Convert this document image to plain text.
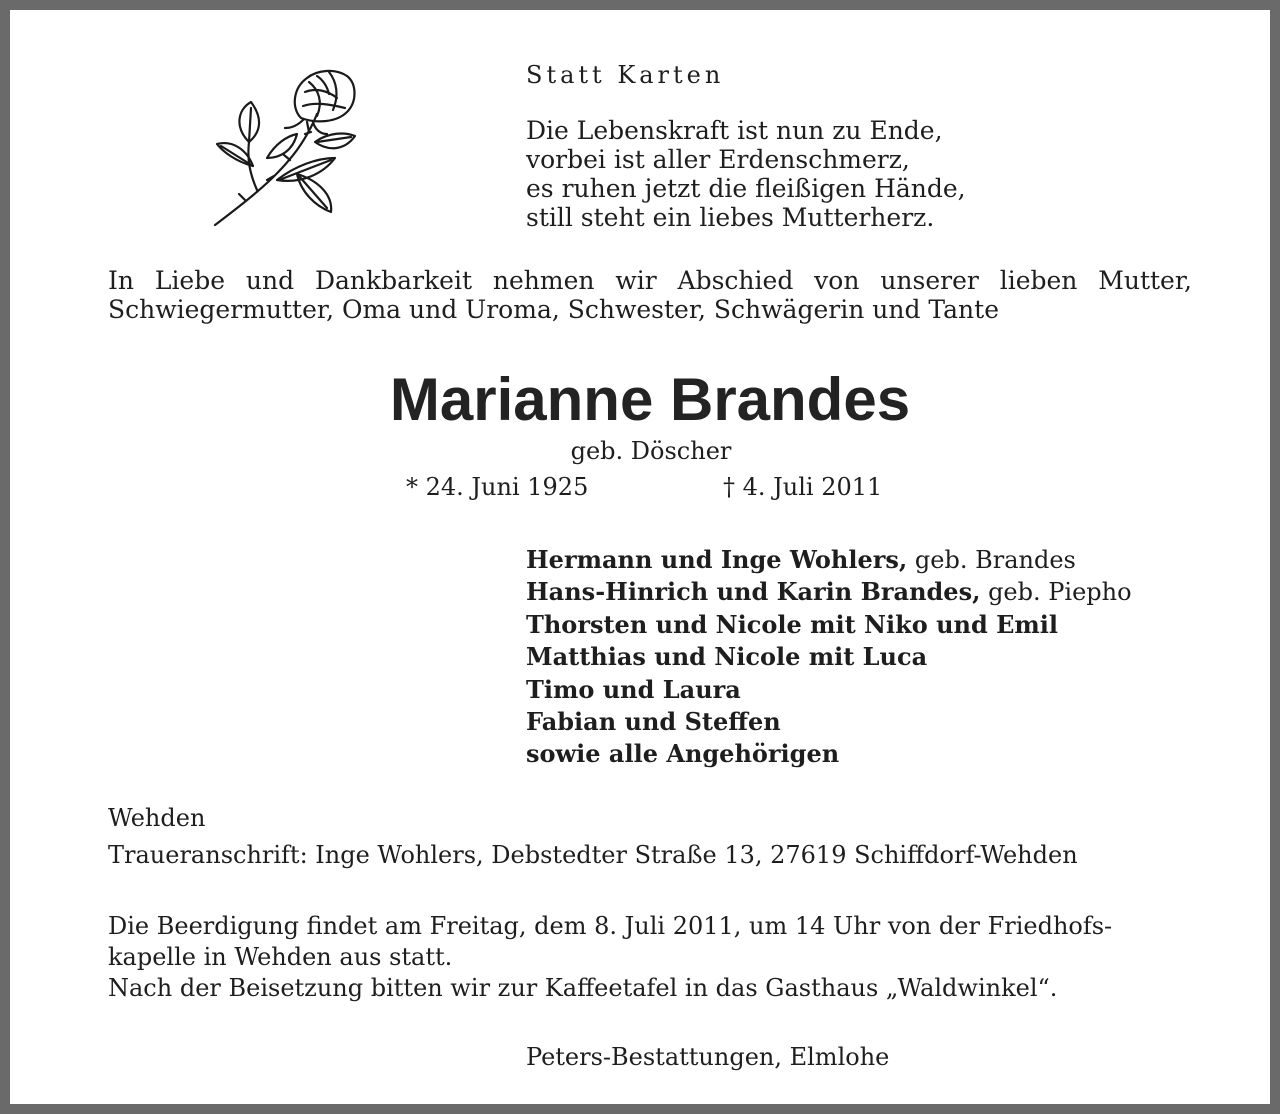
Statt Karten

Die Lebenskraft ist nun zu Ende,
vorbei ist aller Erdenschmerz,
es ruhen jetzt die fleißigen Hände,
still steht ein liebes Mutterherz.
In Liebe und Dankbarkeit nehmen wir Abschied von unserer lieben Mutter,
Schwiegermutter, Oma und Uroma, Schwester, Schwägerin und Tante

Marianne Brandes

geb. Döscher

* 24. Juni 1925	† 4. Juli 2011

Hermann und Inge Wohlers, geb. Brandes
Hans-Hinrich und Karin Brandes, geb. Piepho
Thorsten und Nicole mit Niko und Emil
Matthias und Nicole mit Luca
Timo und Laura
Fabian und Steffen
sowie alle Angehörigen

Wehden

Traueranschrift: Inge Wohlers, Debstedter Straße 13, 27619 Schiffdorf-Wehden

Die Beerdigung findet am Freitag, dem 8. Juli 2011, um 14 Uhr von der Friedhofs-
kapelle in Wehden aus statt.
Nach der Beisetzung bitten wir zur Kaffeetafel in das Gasthaus „Waldwinkel“.

Peters-Bestattungen, Elmlohe
